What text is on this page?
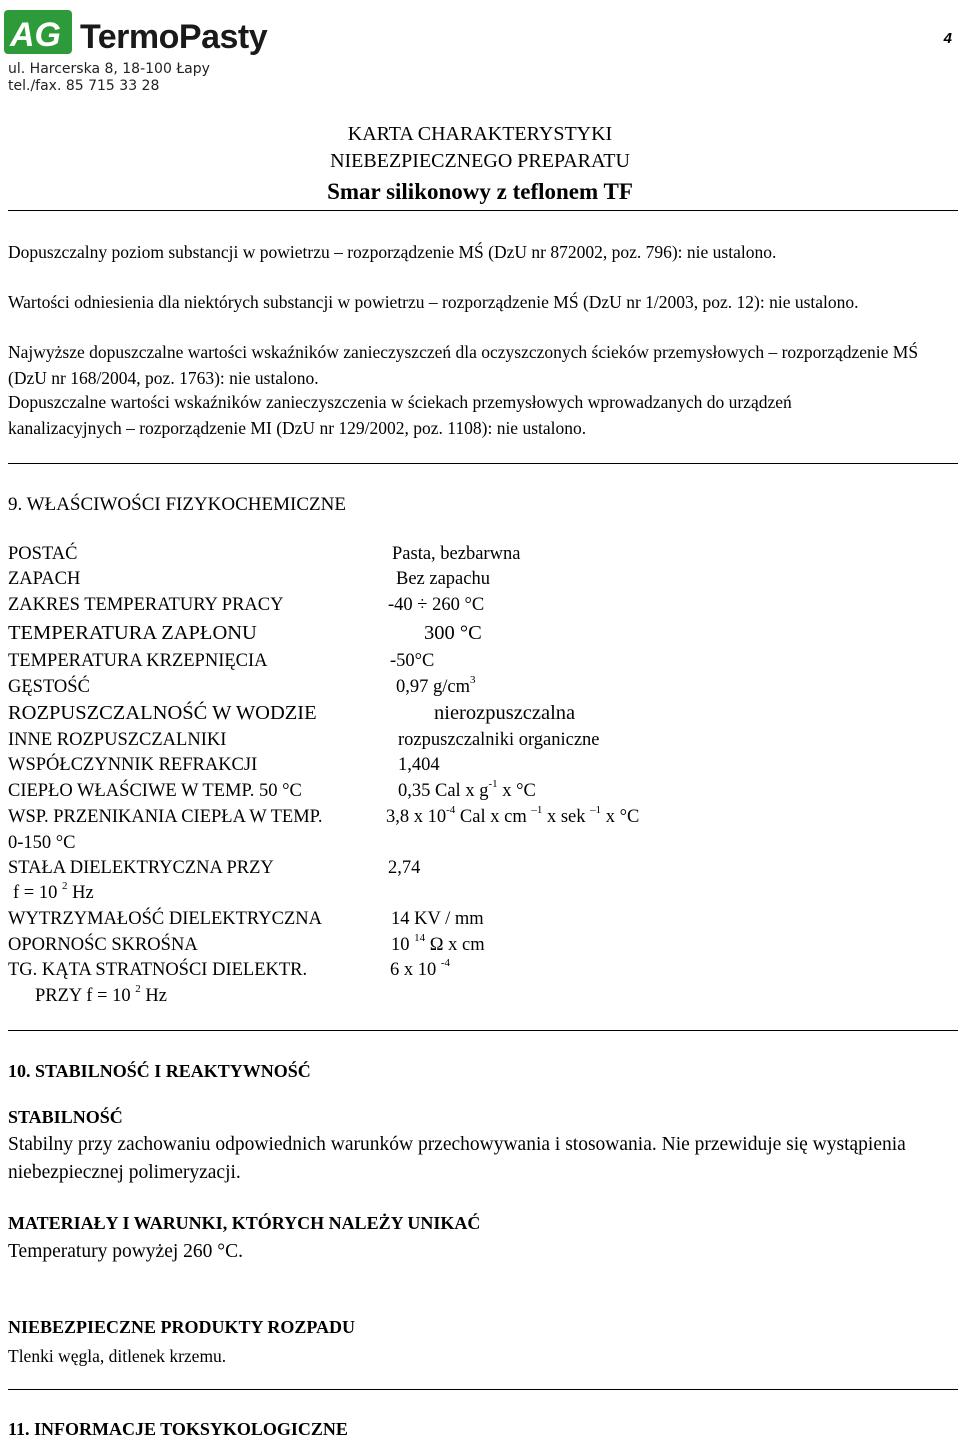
AG TermoPasty	4
ul. Harcerska 8, 18-100 Łapy
tel./fax. 85 715 33 28
KARTA CHARAKTERYSTYKI
NIEBEZPIECZNEGO PREPARATU
Smar silikonowy z teflonem TF
Dopuszczalny poziom substancji w powietrzu – rozporządzenie MŚ (DzU nr 872002, poz. 796): nie ustalono.
Wartości odniesienia dla niektórych substancji w powietrzu – rozporządzenie MŚ (DzU nr 1/2003, poz. 12): nie ustalono.
Najwyższe dopuszczalne wartości wskaźników zanieczyszczeń dla oczyszczonych ścieków przemysłowych – rozporządzenie MŚ (DzU nr 168/2004, poz. 1763): nie ustalono.
Dopuszczalne wartości wskaźników zanieczyszczenia w ściekach przemysłowych wprowadzanych do urządzeń kanalizacyjnych – rozporządzenie MI (DzU nr 129/2002, poz. 1108): nie ustalono.
9. WŁAŚCIWOŚCI FIZYKOCHEMICZNE
POSTAĆ	Pasta, bezbarwna
ZAPACH	Bez zapachu
ZAKRES TEMPERATURY PRACY	-40 ÷ 260 °C
TEMPERATURA ZAPŁONU	300 °C
TEMPERATURA KRZEPNIĘCIA	-50°C
GĘSTOŚĆ	0,97 $g/cm^3$
ROZPUSZCZALNOŚĆ W WODZIE	nierozpuszczalna
INNE ROZPUSZCZALNIKI	rozpuszczalniki organiczne
WSPÓŁCZYNNIK REFRAKCJI	1,404
CIEPŁO WŁAŚCIWE W TEMP. 50 °C	0,35 Cal x $g^{-1}$ x °C
WSP. PRZENIKANIA CIEPŁA W TEMP.	3,8 x $10^{-4}$ Cal x cm $^{-1}$ x sek $^{-1}$ x °C
0-150 °C
STAŁA DIELEKTRYCZNA PRZY	2,74
f = 10 $^2$ Hz
WYTRZYMAŁOŚĆ DIELEKTRYCZNA	14 KV / mm
OPORNOŚC SKROŚNA	10 $^{14}$ Ω x cm
TG. KĄTA STRATNOŚCI DIELEKTR.	6 x 10 $^{-4}$
PRZY f = 10 $^2$ Hz
10. STABILNOŚĆ I REAKTYWNOŚĆ
STABILNOŚĆ
Stabilny przy zachowaniu odpowiednich warunków przechowywania i stosowania. Nie przewiduje się wystąpienia niebezpiecznej polimeryzacji.
MATERIAŁY I WARUNKI, KTÓRYCH NALEŻY UNIKAĆ
Temperatury powyżej 260 °C.
NIEBEZPIECZNE PRODUKTY ROZPADU
Tlenki węgla, ditlenek krzemu.
11. INFORMACJE TOKSYKOLOGICZNE
